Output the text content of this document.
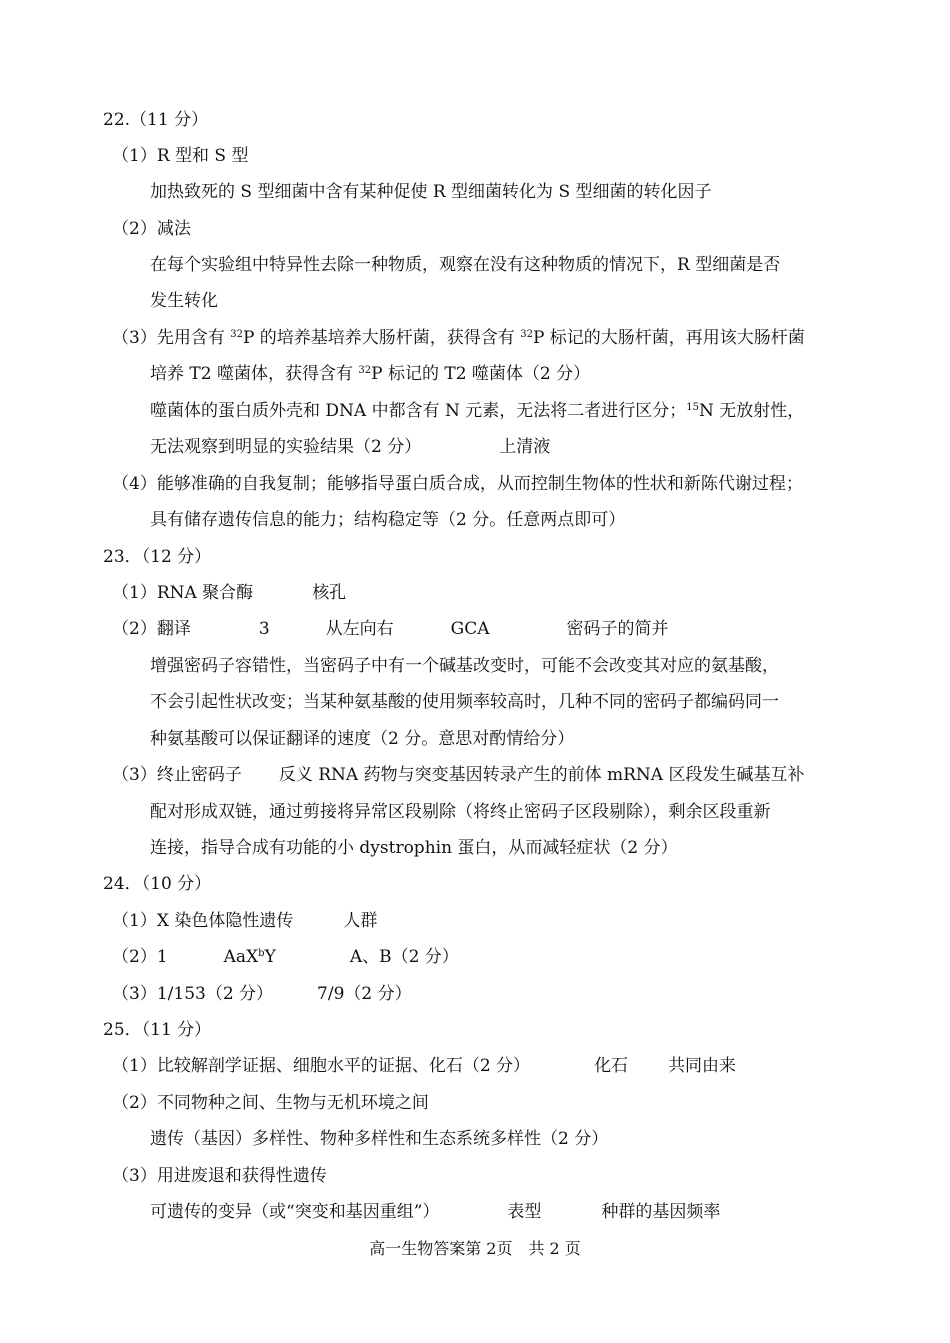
22.（11 分）
（1）R 型和 S 型
加热致死的 S 型细菌中含有某种促使 R 型细菌转化为 S 型细菌的转化因子
（2）减法
在每个实验组中特异性去除一种物质，观察在没有这种物质的情况下，R 型细菌是否
发生转化
（3）先用含有 $^{32}$P 的培养基培养大肠杆菌，获得含有 $^{32}$P 标记的大肠杆菌，再用该大肠杆菌
培养 T2 噬菌体，获得含有 $^{32}$P 标记的 T2 噬菌体（2 分）
噬菌体的蛋白质外壳和 DNA 中都含有 N 元素，无法将二者进行区分；$^{15}$N 无放射性，
无法观察到明显的实验结果（2 分）	上清液
（4）能够准确的自我复制；能够指导蛋白质合成，从而控制生物体的性状和新陈代谢过程；
具有储存遗传信息的能力；结构稳定等（2 分。任意两点即可）
23．（12 分）
（1）RNA 聚合酶	核孔
（2）翻译	3	从左向右	GCA	密码子的简并
增强密码子容错性，当密码子中有一个碱基改变时，可能不会改变其对应的氨基酸，
不会引起性状改变；当某种氨基酸的使用频率较高时，几种不同的密码子都编码同一
种氨基酸可以保证翻译的速度（2 分。意思对酌情给分）
（3）终止密码子 反义 RNA 药物与突变基因转录产生的前体 mRNA 区段发生碱基互补
配对形成双链，通过剪接将异常区段剔除（将终止密码子区段剔除），剩余区段重新
连接，指导合成有功能的小 dystrophin 蛋白，从而减轻症状（2 分）
24．（10 分）
（1）X 染色体隐性遗传	人群
（2）1	AaX$^b$Y	A、B（2 分）
（3）1/153（2 分）	7/9（2 分）
25．（11 分）
（1）比较解剖学证据、细胞水平的证据、化石（2 分）	化石 共同由来
（2）不同物种之间、生物与无机环境之间
遗传（基因）多样性、物种多样性和生态系统多样性（2 分）
（3）用进废退和获得性遗传
可遗传的变异（或“突变和基因重组”）	表型	种群的基因频率
高一生物答案第 2页　共 2 页
